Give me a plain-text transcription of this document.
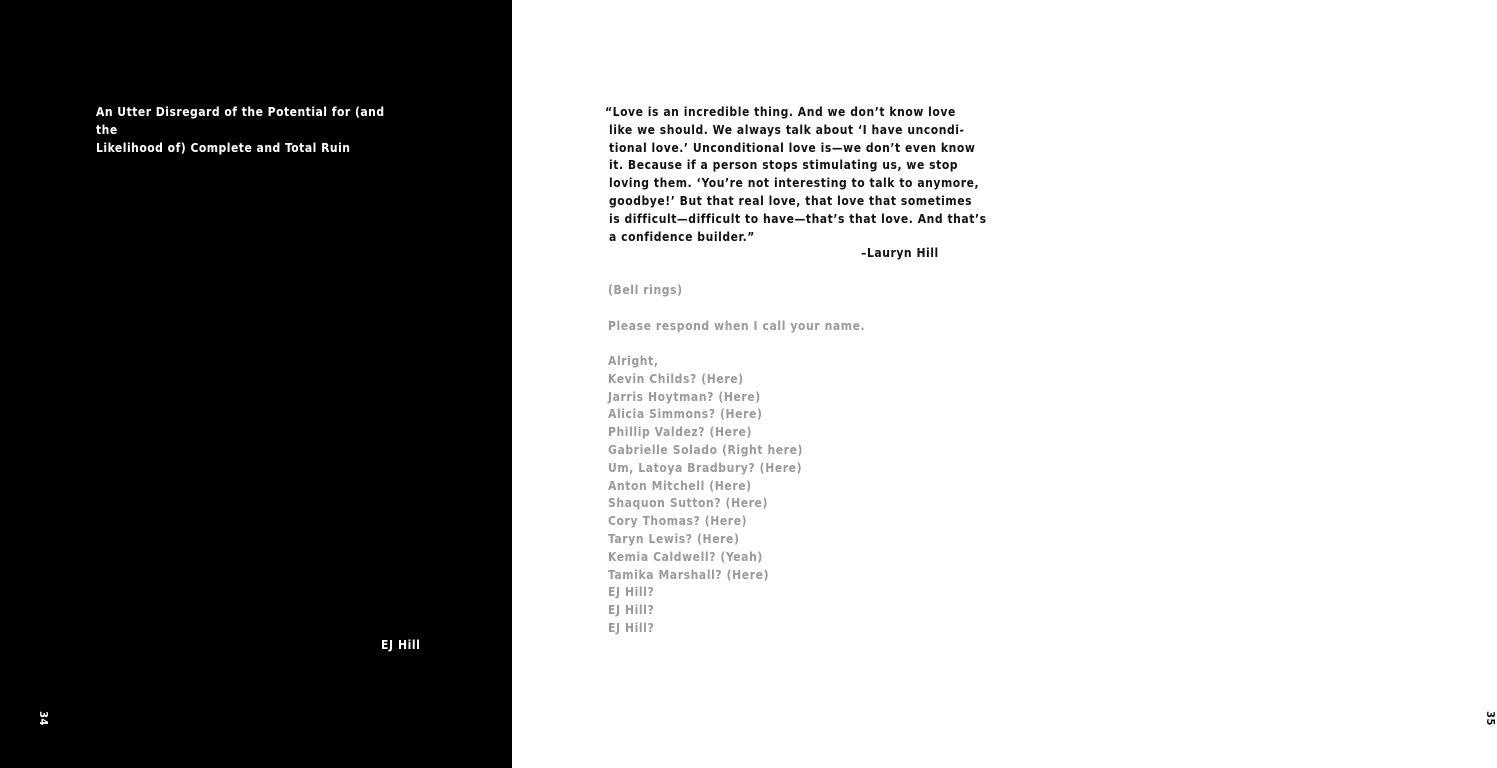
An Utter Disregard of the Potential for (and the
Likelihood of) Complete and Total Ruin
EJ Hill
34
“Love is an incredible thing. And we don’t know love
like we should. We always talk about ‘I have uncondi-
tional love.’ Unconditional love is—we don’t even know
it. Because if a person stops stimulating us, we stop
loving them. ‘You’re not interesting to talk to anymore,
goodbye!’ But that real love, that love that sometimes
is difficult—difficult to have—that’s that love. And that’s
a confidence builder.”
–Lauryn Hill
(Bell rings)
Please respond when I call your name.
Alright,
Kevin Childs? (Here)
Jarris Hoytman? (Here)
Alicia Simmons? (Here)
Phillip Valdez? (Here)
Gabrielle Solado (Right here)
Um, Latoya Bradbury? (Here)
Anton Mitchell (Here)
Shaquon Sutton? (Here)
Cory Thomas? (Here)
Taryn Lewis? (Here)
Kemia Caldwell? (Yeah)
Tamika Marshall? (Here)
EJ Hill?
EJ Hill?
EJ Hill?
35
